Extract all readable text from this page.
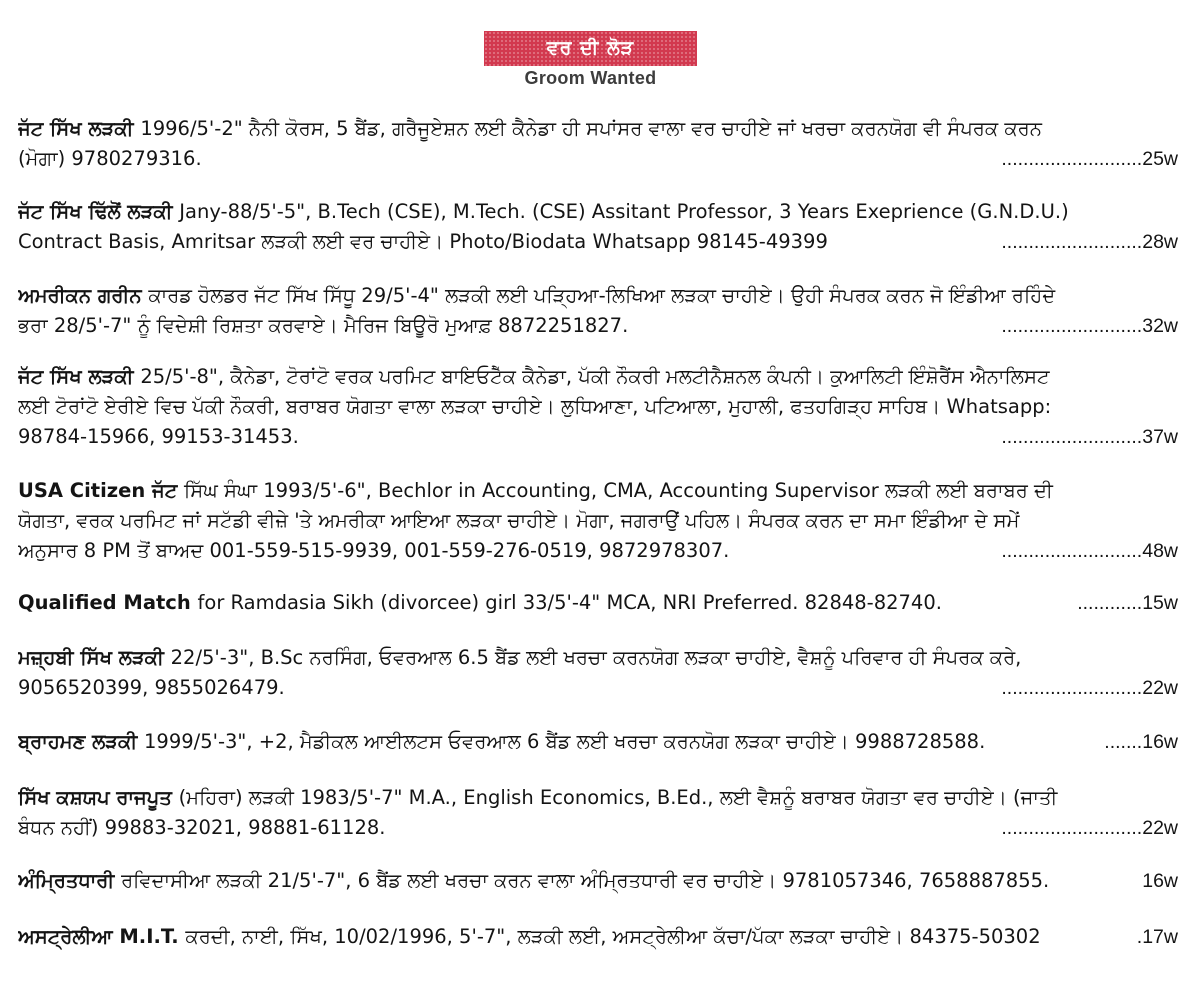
ਵਰ ਦੀ ਲੋੜ
Groom Wanted
ਜੱਟ ਸਿੱਖ ਲੜਕੀ 1996/5'-2" ਨੈਨੀ ਕੋਰਸ, 5 ਬੈਂਡ, ਗਰੈਜੂਏਸ਼ਨ ਲਈ ਕੈਨੇਡਾ ਹੀ ਸਪਾਂਸਰ ਵਾਲਾ ਵਰ ਚਾਹੀਏ ਜਾਂ ਖਰਚਾ ਕਰਨਯੋਗ ਵੀ ਸੰਪਰਕ ਕਰਨ
(ਮੋਗਾ) 9780279316.	..........................25w
ਜੱਟ ਸਿੱਖ ਢਿੱਲੋਂ ਲੜਕੀ Jany-88/5'-5", B.Tech (CSE), M.Tech. (CSE) Assitant Professor, 3 Years Exeprience (G.N.D.U.)
Contract Basis, Amritsar ਲੜਕੀ ਲਈ ਵਰ ਚਾਹੀਏ। Photo/Biodata Whatsapp 98145-49399	..........................28w
ਅਮਰੀਕਨ ਗਰੀਨ ਕਾਰਡ ਹੋਲਡਰ ਜੱਟ ਸਿੱਖ ਸਿੱਧੂ 29/5'-4" ਲੜਕੀ ਲਈ ਪੜ੍ਹਿਆ-ਲਿਖਿਆ ਲੜਕਾ ਚਾਹੀਏ। ਉਹੀ ਸੰਪਰਕ ਕਰਨ ਜੋ ਇੰਡੀਆ ਰਹਿੰਦੇ
ਭਰਾ 28/5'-7" ਨੂੰ ਵਿਦੇਸ਼ੀ ਰਿਸ਼ਤਾ ਕਰਵਾਏ। ਮੈਰਿਜ ਬਿਊਰੋ ਮੁਆਫ਼ 8872251827.	..........................32w
ਜੱਟ ਸਿੱਖ ਲੜਕੀ 25/5'-8", ਕੈਨੇਡਾ, ਟੋਰਾਂਟੋ ਵਰਕ ਪਰਮਿਟ ਬਾਇਓਟੈੱਕ ਕੈਨੇਡਾ, ਪੱਕੀ ਨੌਕਰੀ ਮਲਟੀਨੈਸ਼ਨਲ ਕੰਪਨੀ। ਕੁਆਲਿਟੀ ਇੰਸ਼ੋਰੈਂਸ ਐਨਾਲਿਸਟ
ਲਈ ਟੋਰਾਂਟੋ ਏਰੀਏ ਵਿਚ ਪੱਕੀ ਨੌਕਰੀ, ਬਰਾਬਰ ਯੋਗਤਾ ਵਾਲਾ ਲੜਕਾ ਚਾਹੀਏ। ਲੁਧਿਆਣਾ, ਪਟਿਆਲਾ, ਮੁਹਾਲੀ, ਫਤਹਗਿੜ੍ਹ ਸਾਹਿਬ। Whatsapp:
98784-15966, 99153-31453.	..........................37w
USA Citizen ਜੱਟ ਸਿੱਘ ਸੰਘਾ 1993/5'-6", Bechlor in Accounting, CMA, Accounting Supervisor ਲੜਕੀ ਲਈ ਬਰਾਬਰ ਦੀ
ਯੋਗਤਾ, ਵਰਕ ਪਰਮਿਟ ਜਾਂ ਸਟੱਡੀ ਵੀਜ਼ੇ 'ਤੇ ਅਮਰੀਕਾ ਆਇਆ ਲੜਕਾ ਚਾਹੀਏ। ਮੋਗਾ, ਜਗਰਾਉਂ ਪਹਿਲ। ਸੰਪਰਕ ਕਰਨ ਦਾ ਸਮਾ ਇੰਡੀਆ ਦੇ ਸਮੇਂ
ਅਨੁਸਾਰ 8 PM ਤੋਂ ਬਾਅਦ 001-559-515-9939, 001-559-276-0519, 9872978307.	..........................48w
Qualified Match for Ramdasia Sikh (divorcee) girl 33/5'-4" MCA, NRI Preferred. 82848-82740.	............15w
ਮਜ਼੍ਹਬੀ ਸਿੱਖ ਲੜਕੀ 22/5'-3", B.Sc ਨਰਸਿੰਗ, ਓਵਰਆਲ 6.5 ਬੈਂਡ ਲਈ ਖਰਚਾ ਕਰਨਯੋਗ ਲੜਕਾ ਚਾਹੀਏ, ਵੈਸ਼ਨੂੰ ਪਰਿਵਾਰ ਹੀ ਸੰਪਰਕ ਕਰੇ,
9056520399, 9855026479.	..........................22w
ਬ੍ਰਾਹਮਣ ਲੜਕੀ 1999/5'-3", +2, ਮੈਡੀਕਲ ਆਈਲਟਸ ਓਵਰਆਲ 6 ਬੈਂਡ ਲਈ ਖਰਚਾ ਕਰਨਯੋਗ ਲੜਕਾ ਚਾਹੀਏ। 9988728588.	.......16w
ਸਿੱਖ ਕਸ਼ਯਪ ਰਾਜਪੂਤ (ਮਹਿਰਾ) ਲੜਕੀ 1983/5'-7" M.A., English Economics, B.Ed., ਲਈ ਵੈਸ਼ਨੂੰ ਬਰਾਬਰ ਯੋਗਤਾ ਵਰ ਚਾਹੀਏ। (ਜਾਤੀ
ਬੰਧਨ ਨਹੀਂ) 99883-32021, 98881-61128.	..........................22w
ਅੰਮ੍ਰਿਤਧਾਰੀ ਰਵਿਦਾਸੀਆ ਲੜਕੀ 21/5'-7", 6 ਬੈਂਡ ਲਈ ਖਰਚਾ ਕਰਨ ਵਾਲਾ ਅੰਮ੍ਰਿਤਧਾਰੀ ਵਰ ਚਾਹੀਏ। 9781057346, 7658887855.	16w
ਅਸਟ੍ਰੇਲੀਆ M.I.T. ਕਰਦੀ, ਨਾਈ, ਸਿੱਖ, 10/02/1996, 5'-7", ਲੜਕੀ ਲਈ, ਅਸਟ੍ਰੇਲੀਆ ਕੱਚਾ/ਪੱਕਾ ਲੜਕਾ ਚਾਹੀਏ। 84375-50302	.17w
